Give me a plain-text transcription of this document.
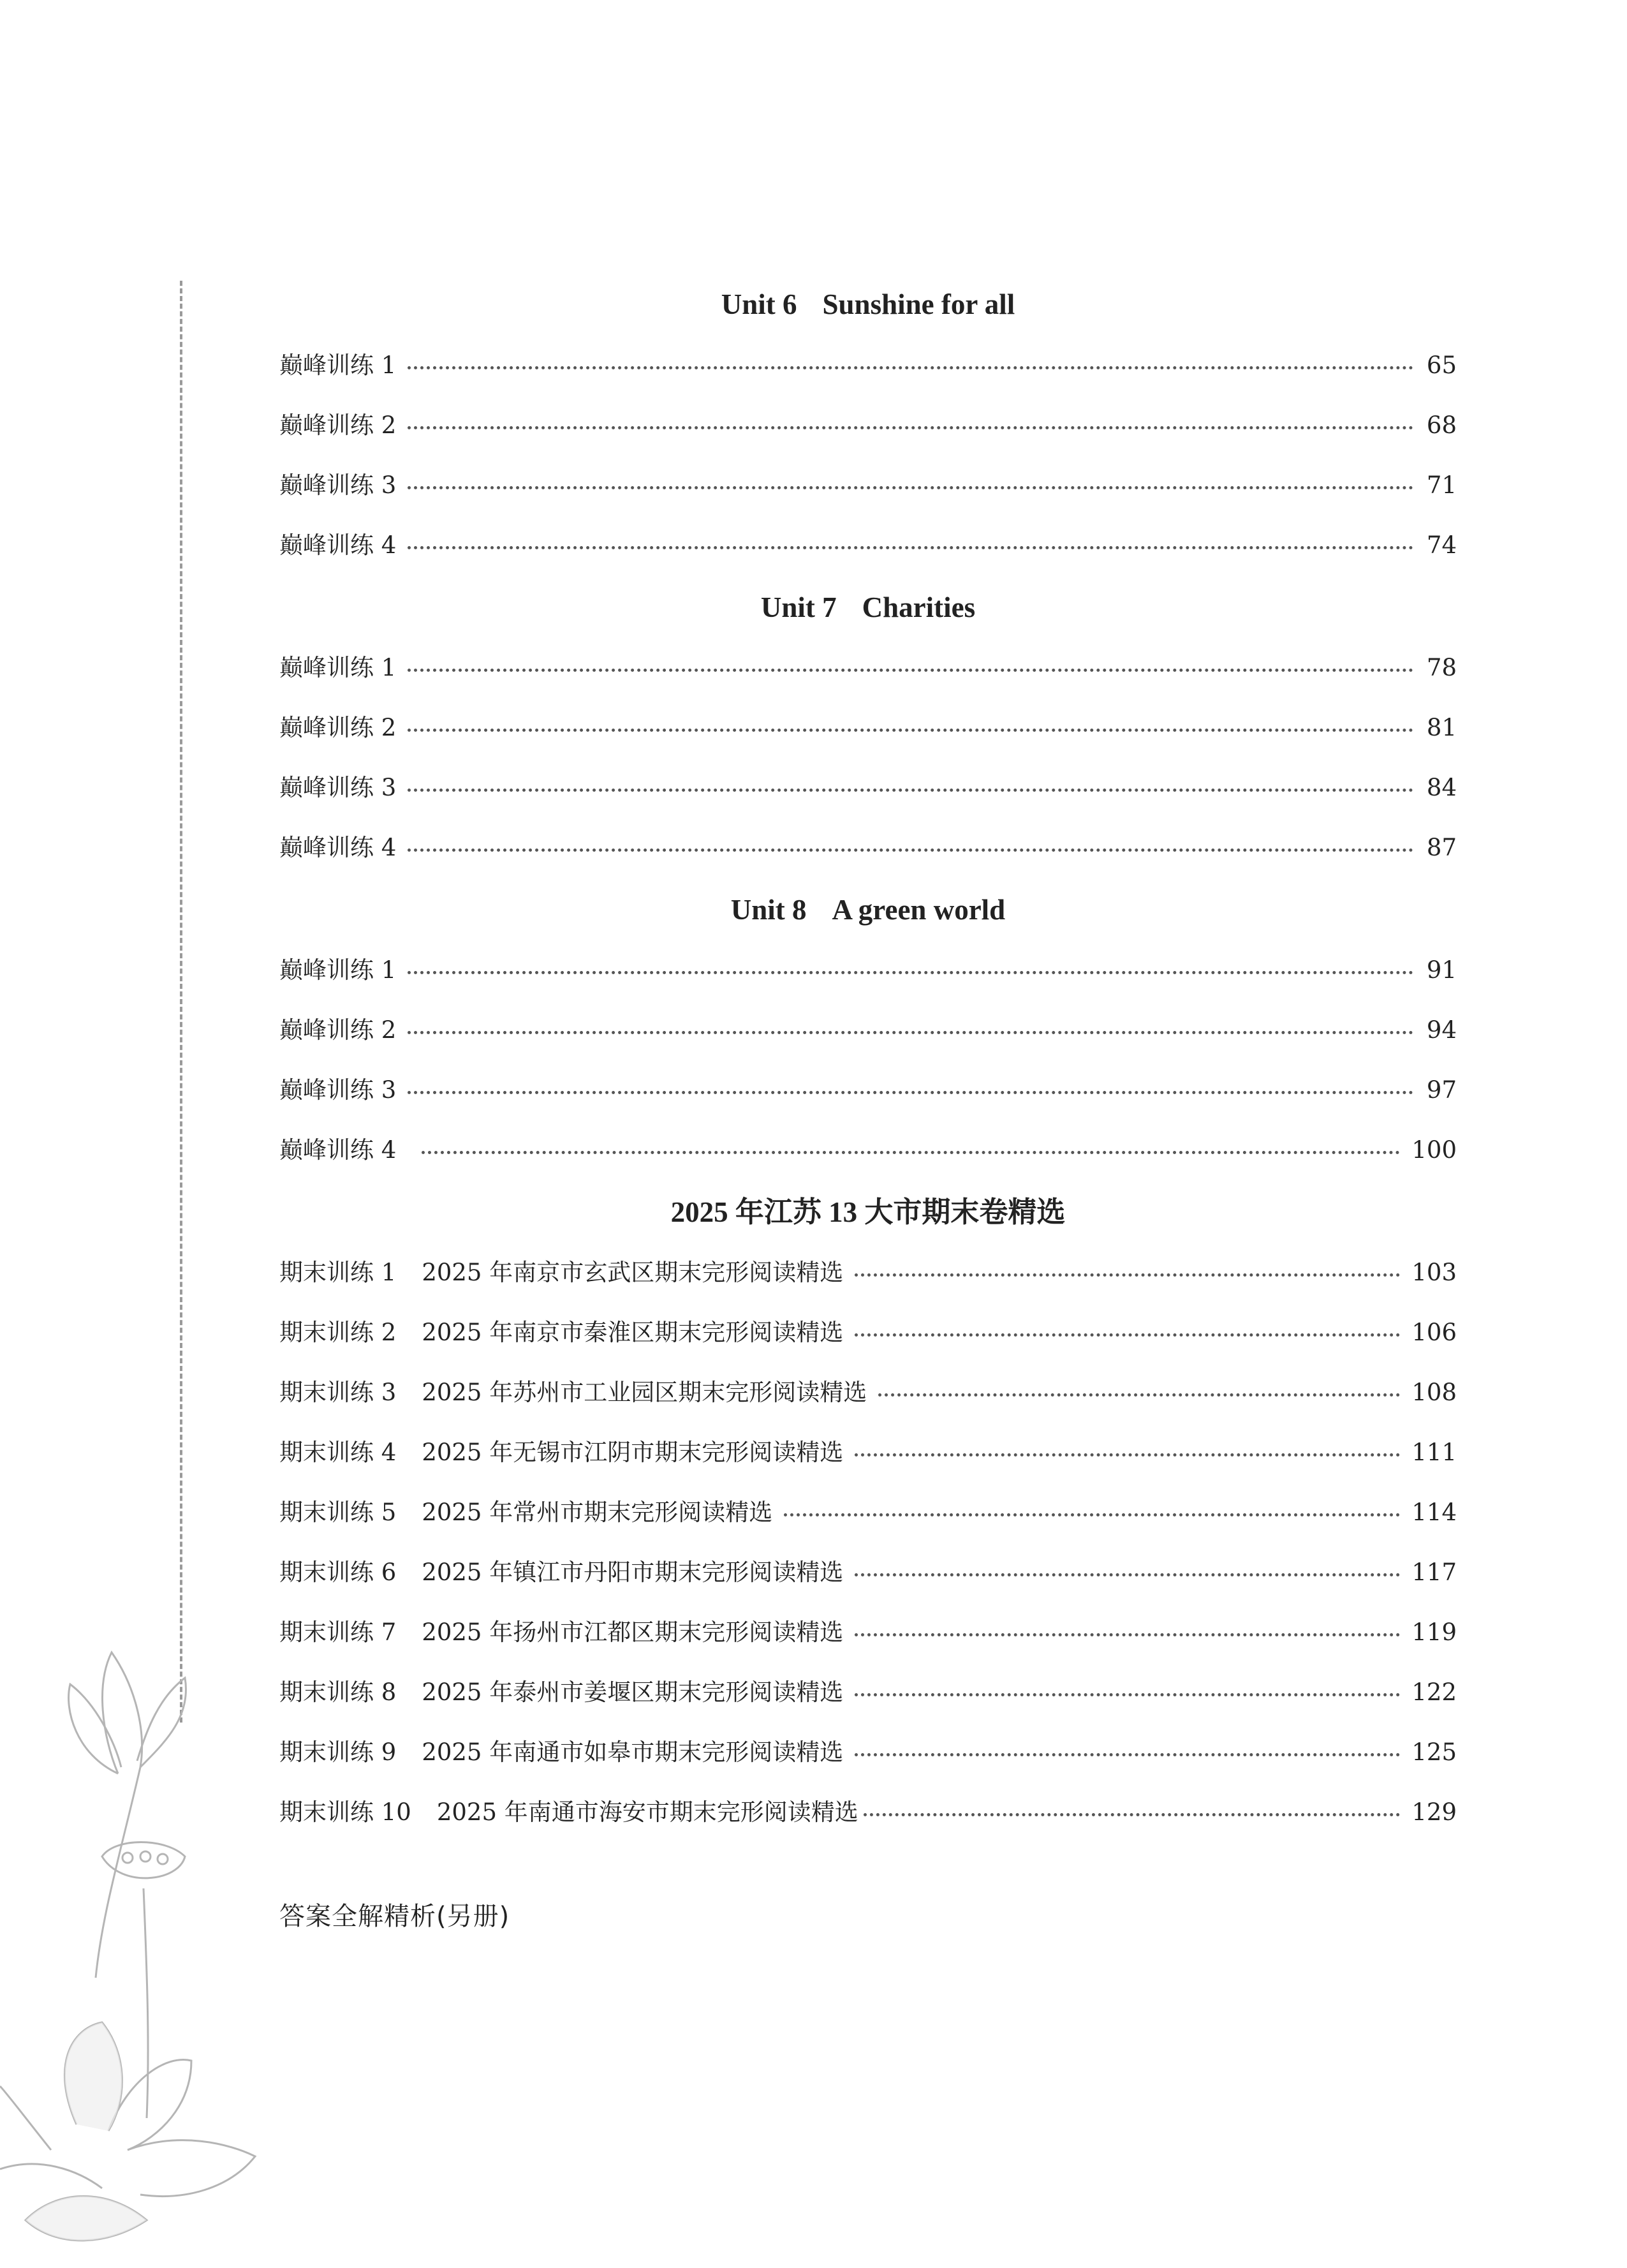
Unit 6 Sunshine for all
巅峰训练 1	65
巅峰训练 2	68
巅峰训练 3	71
巅峰训练 4	74
Unit 7 Charities
巅峰训练 1	78
巅峰训练 2	81
巅峰训练 3	84
巅峰训练 4	87
Unit 8 A green world
巅峰训练 1	91
巅峰训练 2	94
巅峰训练 3	97
巅峰训练 4	100
2025 年江苏 13 大市期末卷精选
期末训练 1 2025 年南京市玄武区期末完形阅读精选	103
期末训练 2 2025 年南京市秦淮区期末完形阅读精选	106
期末训练 3 2025 年苏州市工业园区期末完形阅读精选	108
期末训练 4 2025 年无锡市江阴市期末完形阅读精选	111
期末训练 5 2025 年常州市期末完形阅读精选	114
期末训练 6 2025 年镇江市丹阳市期末完形阅读精选	117
期末训练 7 2025 年扬州市江都区期末完形阅读精选	119
期末训练 8 2025 年泰州市姜堰区期末完形阅读精选	122
期末训练 9 2025 年南通市如皋市期末完形阅读精选	125
期末训练 10 2025 年南通市海安市期末完形阅读精选	129
答案全解精析(另册)
